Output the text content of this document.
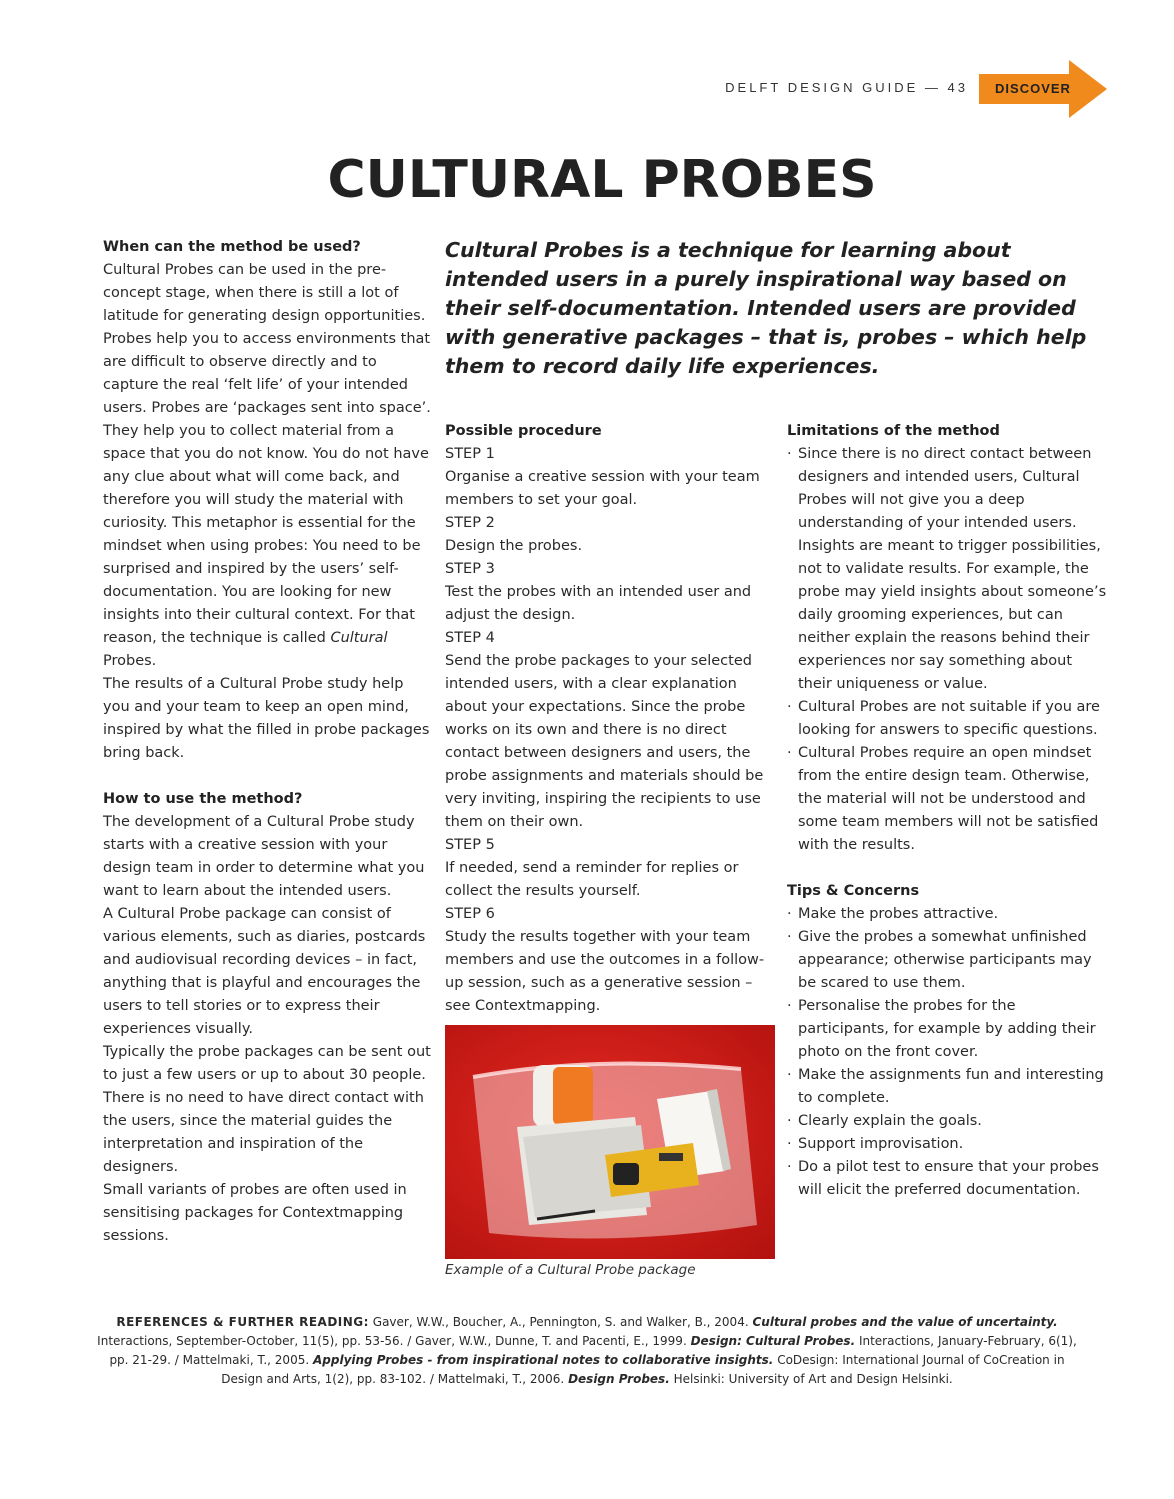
DELFT DESIGN GUIDE — 43	DISCOVER
CULTURAL PROBES

Cultural Probes is a technique for learning about intended users in a purely inspirational way based on their self-documentation. Intended users are provided with generative packages – that is, probes – which help them to record daily life experiences.

When can the method be used?

Cultural Probes can be used in the pre-concept stage, when there is still a lot of latitude for generating design opportunities. Probes help you to access environments that are difficult to observe directly and to capture the real ‘felt life’ of your intended users. Probes are ‘packages sent into space’. They help you to collect material from a space that you do not know. You do not have any clue about what will come back, and therefore you will study the material with curiosity. This metaphor is essential for the mindset when using probes: You need to be surprised and inspired by the users’ self-documentation. You are looking for new insights into their cultural context. For that reason, the technique is called Cultural Probes.

The results of a Cultural Probe study help you and your team to keep an open mind, inspired by what the filled in probe packages bring back.

How to use the method?

The development of a Cultural Probe study starts with a creative session with your design team in order to determine what you want to learn about the intended users.

A Cultural Probe package can consist of various elements, such as diaries, postcards and audiovisual recording devices – in fact, anything that is playful and encourages the users to tell stories or to express their experiences visually.

Typically the probe packages can be sent out to just a few users or up to about 30 people. There is no need to have direct contact with the users, since the material guides the interpretation and inspiration of the designers.

Small variants of probes are often used in sensitising packages for Contextmapping sessions.

Possible procedure

STEP 1

Organise a creative session with your team members to set your goal.

STEP 2

Design the probes.

STEP 3

Test the probes with an intended user and adjust the design.

STEP 4

Send the probe packages to your selected intended users, with a clear explanation about your expectations. Since the probe works on its own and there is no direct contact between designers and users, the probe assignments and materials should be very inviting, inspiring the recipients to use them on their own.

STEP 5

If needed, send a reminder for replies or collect the results yourself.

STEP 6

Study the results together with your team members and use the outcomes in a follow-up session, such as a generative session – see Contextmapping.

Example of a Cultural Probe package
Limitations of the method
· Since there is no direct contact between designers and intended users, Cultural Probes will not give you a deep understanding of your intended users. Insights are meant to trigger possibilities, not to validate results. For example, the probe may yield insights about someone’s daily grooming experiences, but can neither explain the reasons behind their experiences nor say something about their uniqueness or value.
· Cultural Probes are not suitable if you are looking for answers to specific questions.
· Cultural Probes require an open mindset from the entire design team. Otherwise, the material will not be understood and some team members will not be satisfied with the results.
Tips & Concerns
· Make the probes attractive.
· Give the probes a somewhat unfinished appearance; otherwise participants may be scared to use them.
· Personalise the probes for the participants, for example by adding their photo on the front cover.
· Make the assignments fun and interesting to complete.
· Clearly explain the goals.
· Support improvisation.
· Do a pilot test to ensure that your probes will elicit the preferred documentation.

REFERENCES & FURTHER READING: Gaver, W.W., Boucher, A., Pennington, S. and Walker, B., 2004. Cultural probes and the value of uncertainty. Interactions, September-October, 11(5), pp. 53-56. / Gaver, W.W., Dunne, T. and Pacenti, E., 1999. Design: Cultural Probes. Interactions, January-February, 6(1), pp. 21-29. / Mattelmaki, T., 2005. Applying Probes - from inspirational notes to collaborative insights. CoDesign: International Journal of CoCreation in Design and Arts, 1(2), pp. 83-102. / Mattelmaki, T., 2006. Design Probes. Helsinki: University of Art and Design Helsinki.
